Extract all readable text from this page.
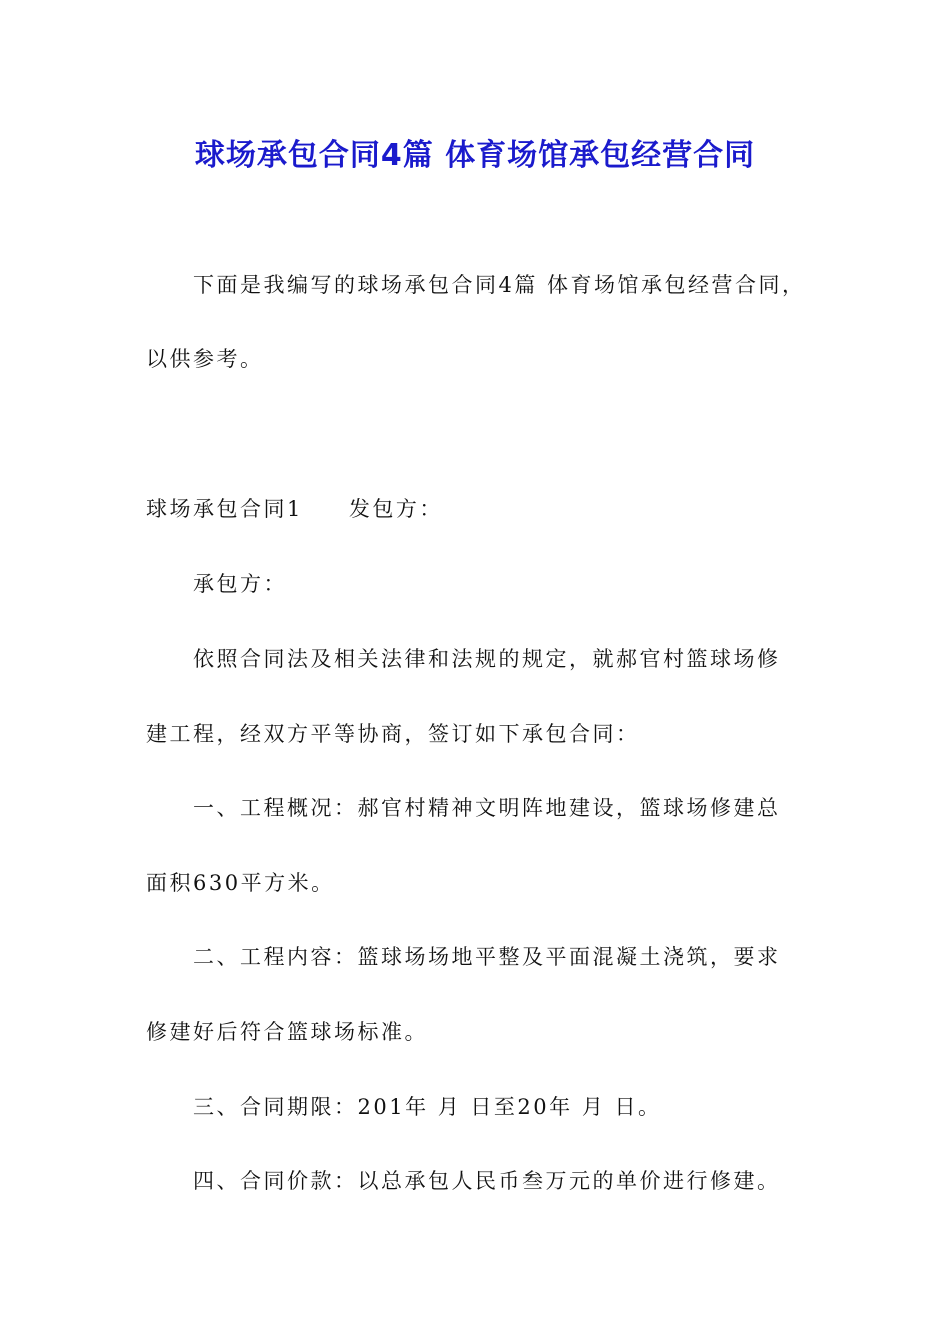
球场承包合同4篇 体育场馆承包经营合同
下面是我编写的球场承包合同4篇 体育场馆承包经营合同，
以供参考。
球场承包合同1 发包方：
承包方：
依照合同法及相关法律和法规的规定，就郝官村篮球场修
建工程，经双方平等协商，签订如下承包合同：
一、工程概况：郝官村精神文明阵地建设，篮球场修建总
面积630平方米。
二、工程内容：篮球场场地平整及平面混凝土浇筑，要求
修建好后符合篮球场标准。
三、合同期限：201年 月 日至20年 月 日。
四、合同价款：以总承包人民币叁万元的单价进行修建。
